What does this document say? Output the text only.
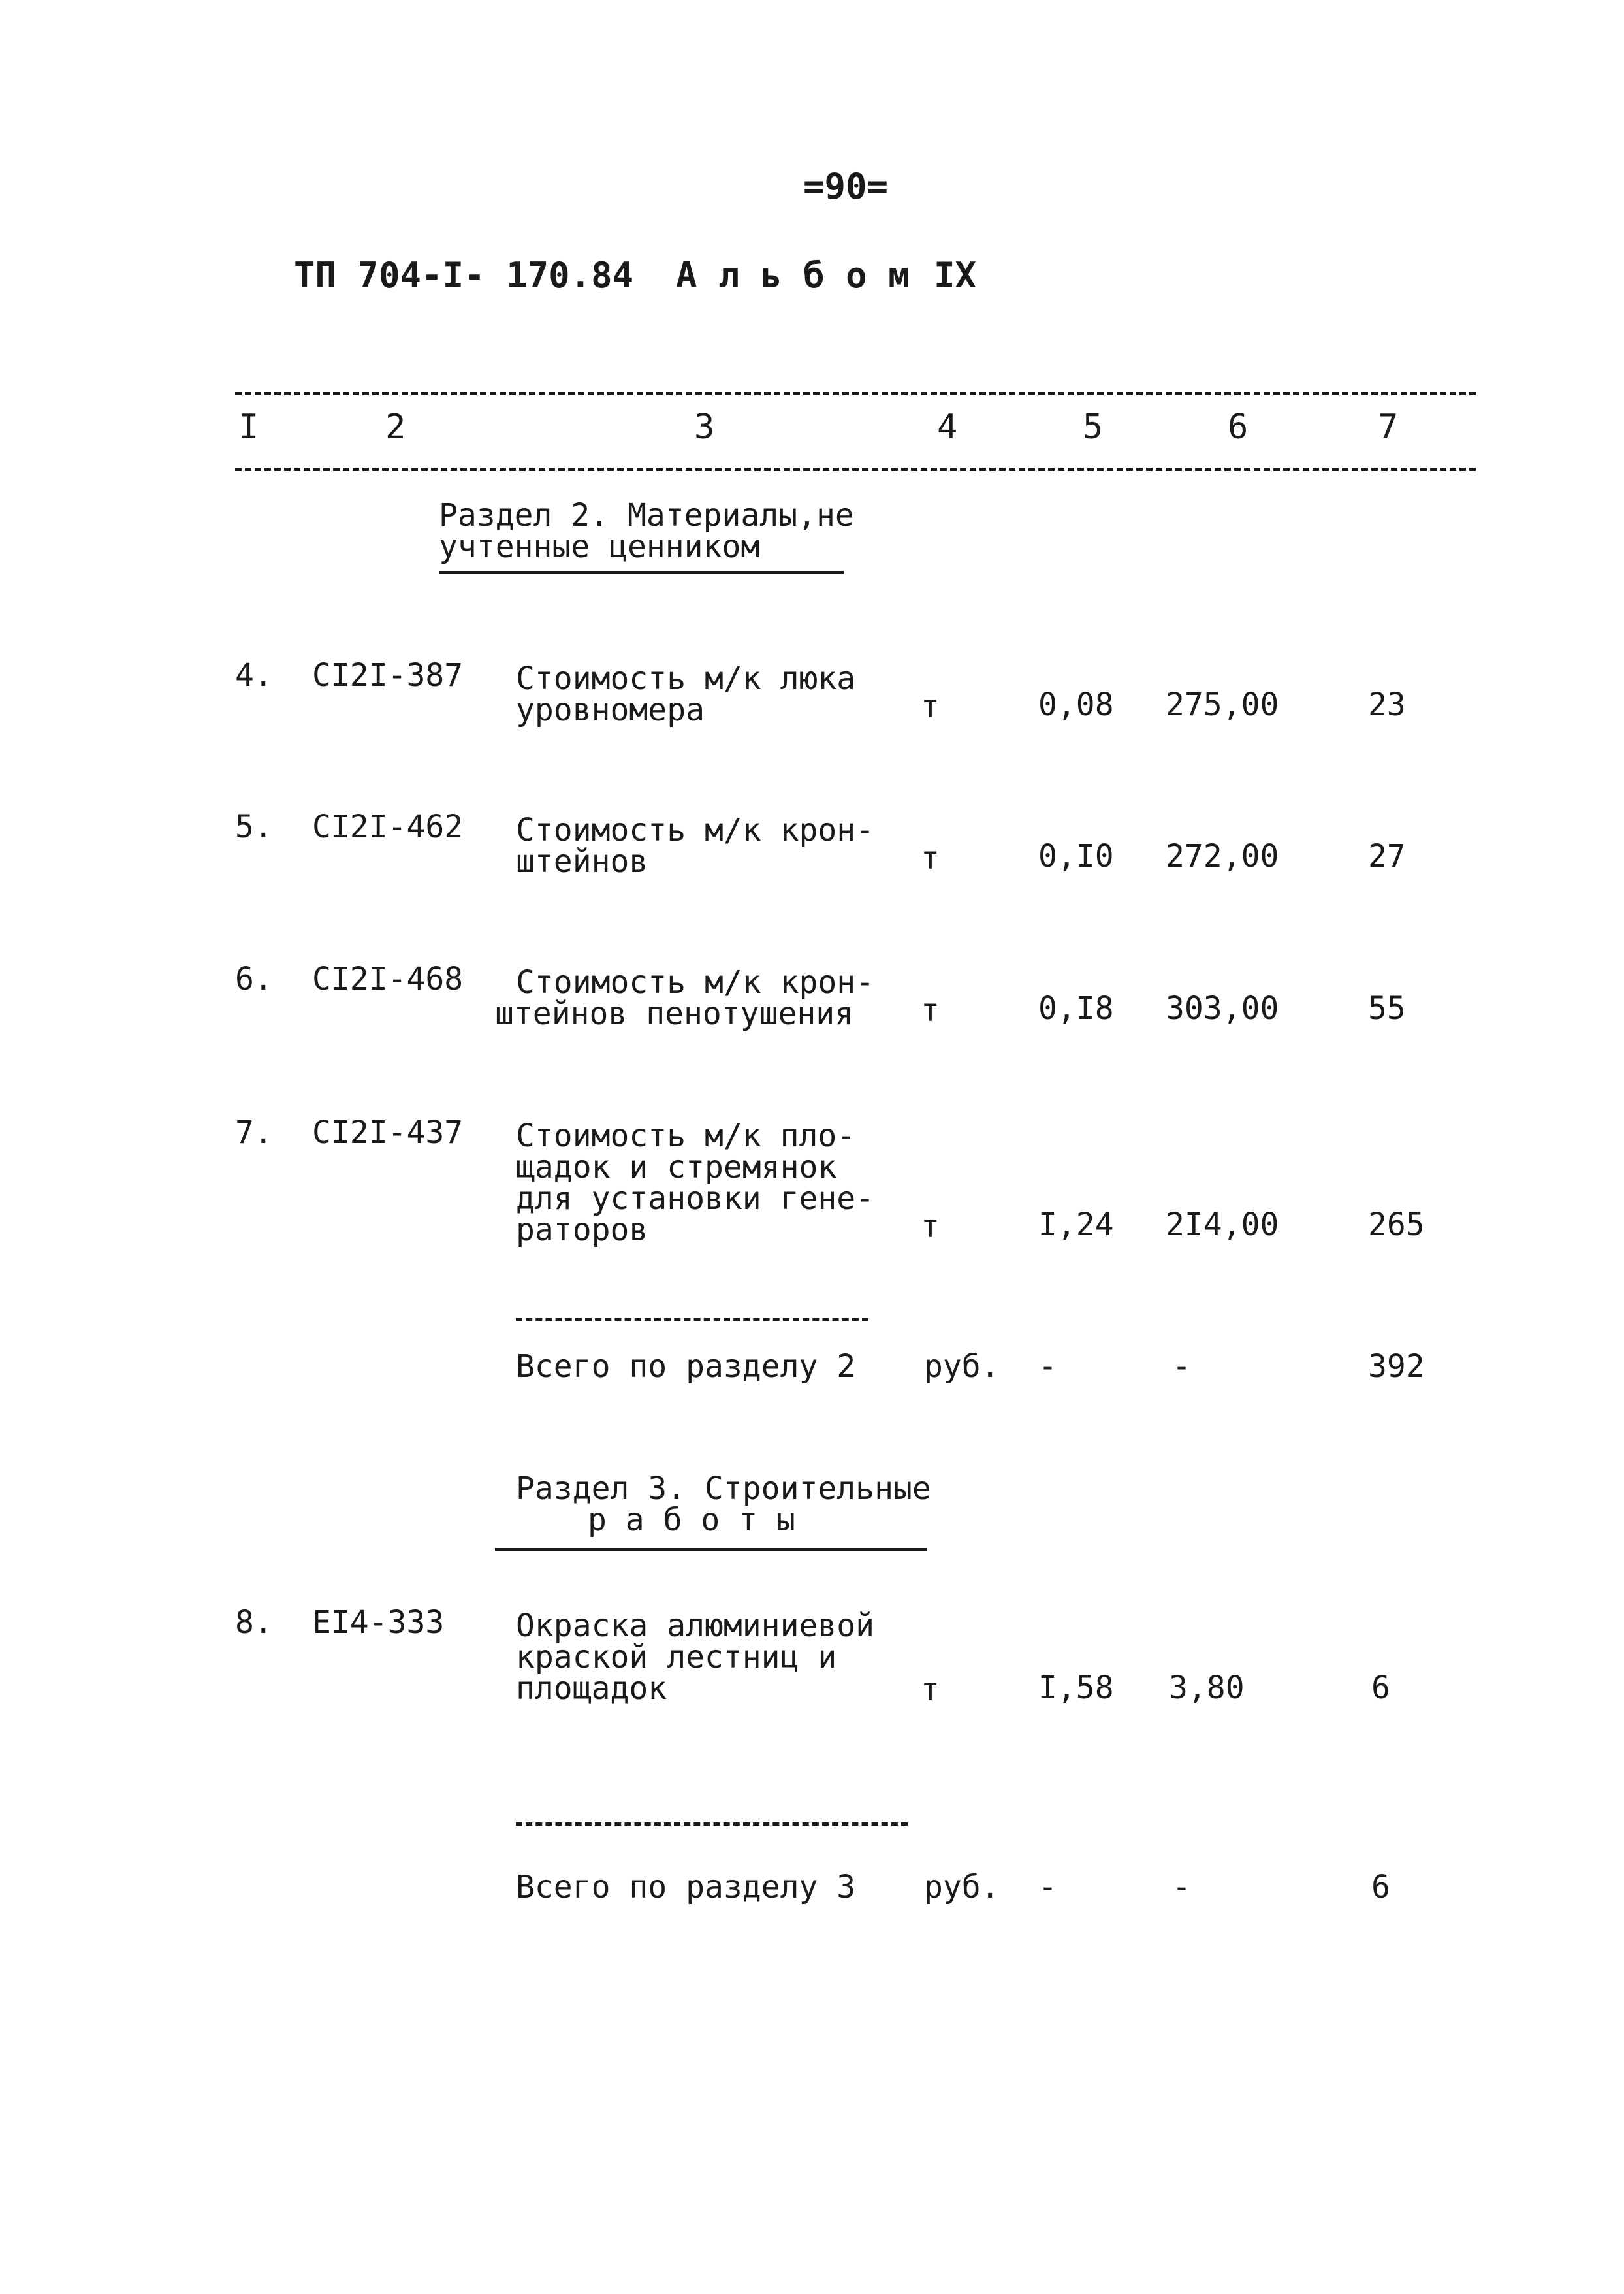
=90=
ТП 704-I- 170.84 А л ь б о м IX
I	2	3	4	5	6	7
Раздел 2. Материалы,не
учтенные ценником
4. СI2I-387 Стоимость м/к люка
уровномера	т	0,08 275,00	23
5. СI2I-462 Стоимость м/к крон-
штейнов	т	0,I0 272,00	27
6. СI2I-468 Стоимость м/к крон-
штейнов пенотушения т	0,I8 303,00	55
7. СI2I-437 Стоимость м/к пло-
щадок и стремянок
для установки гене-
раторов	т	I,24 2I4,00	265
Всего по разделу 2 руб. -	-	392
Раздел 3. Строительные
р а б о т ы
8. ЕI4-333 Окраска алюминиевой
краской лестниц и
площадок	т	I,58 3,80	6
Всего по разделу 3 руб. -	-	6
